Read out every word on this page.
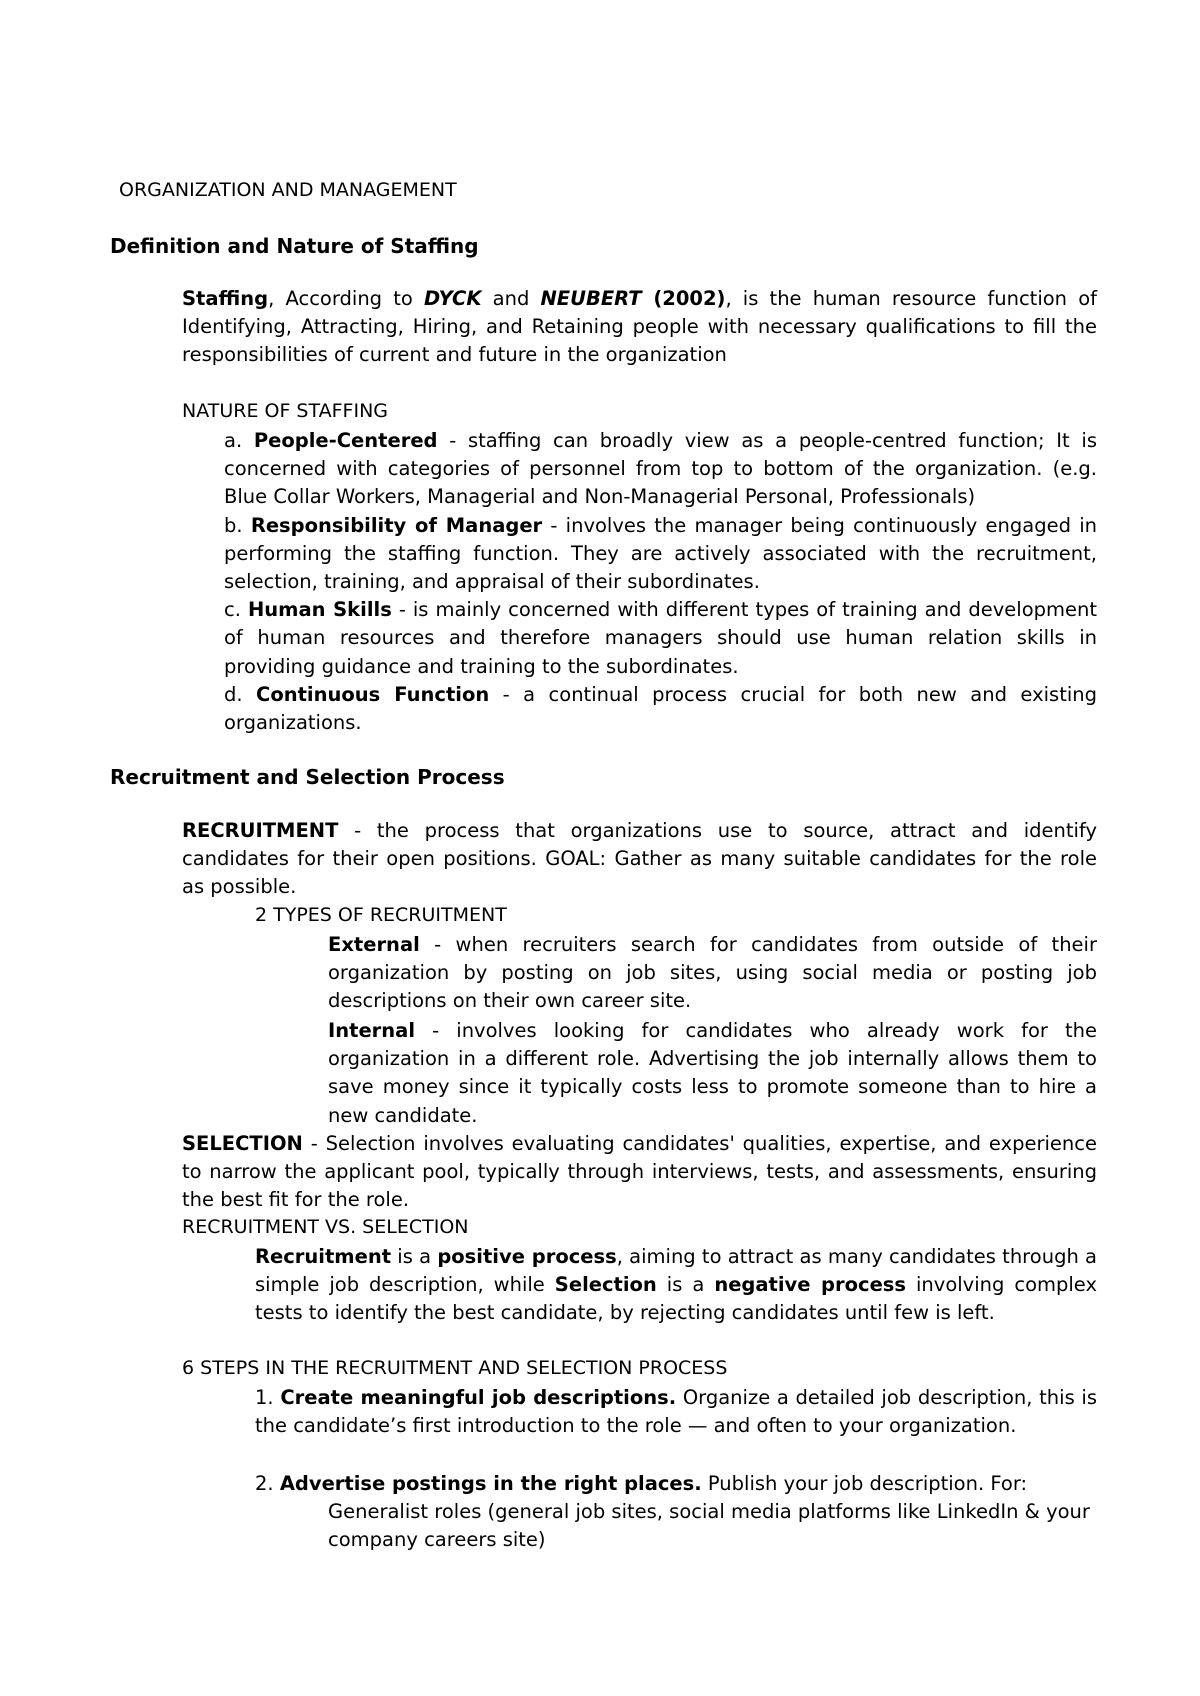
ORGANIZATION AND MANAGEMENT
Definition and Nature of Staffing
Staffing, According to DYCK and NEUBERT (2002), is the human resource function of Identifying, Attracting, Hiring, and Retaining people with necessary qualifications to fill the responsibilities of current and future in the organization
NATURE OF STAFFING
a. People-Centered - staffing can broadly view as a people-centred function; It is concerned with categories of personnel from top to bottom of the organization. (e.g. Blue Collar Workers, Managerial and Non-Managerial Personal, Professionals)
b. Responsibility of Manager - involves the manager being continuously engaged in performing the staffing function. They are actively associated with the recruitment, selection, training, and appraisal of their subordinates.
c. Human Skills - is mainly concerned with different types of training and development of human resources and therefore managers should use human relation skills in providing guidance and training to the subordinates.
d. Continuous Function - a continual process crucial for both new and existing organizations.
Recruitment and Selection Process
RECRUITMENT - the process that organizations use to source, attract and identify candidates for their open positions. GOAL: Gather as many suitable candidates for the role as possible.
2 TYPES OF RECRUITMENT
External - when recruiters search for candidates from outside of their organization by posting on job sites, using social media or posting job descriptions on their own career site.
Internal - involves looking for candidates who already work for the organization in a different role. Advertising the job internally allows them to save money since it typically costs less to promote someone than to hire a new candidate.
SELECTION - Selection involves evaluating candidates' qualities, expertise, and experience to narrow the applicant pool, typically through interviews, tests, and assessments, ensuring the best fit for the role.
RECRUITMENT VS. SELECTION
Recruitment is a positive process, aiming to attract as many candidates through a simple job description, while Selection is a negative process involving complex tests to identify the best candidate, by rejecting candidates until few is left.
6 STEPS IN THE RECRUITMENT AND SELECTION PROCESS
1. Create meaningful job descriptions. Organize a detailed job description, this is the candidate’s first introduction to the role — and often to your organization.
2. Advertise postings in the right places. Publish your job description. For:
Generalist roles (general job sites, social media platforms like LinkedIn & your company careers site)
